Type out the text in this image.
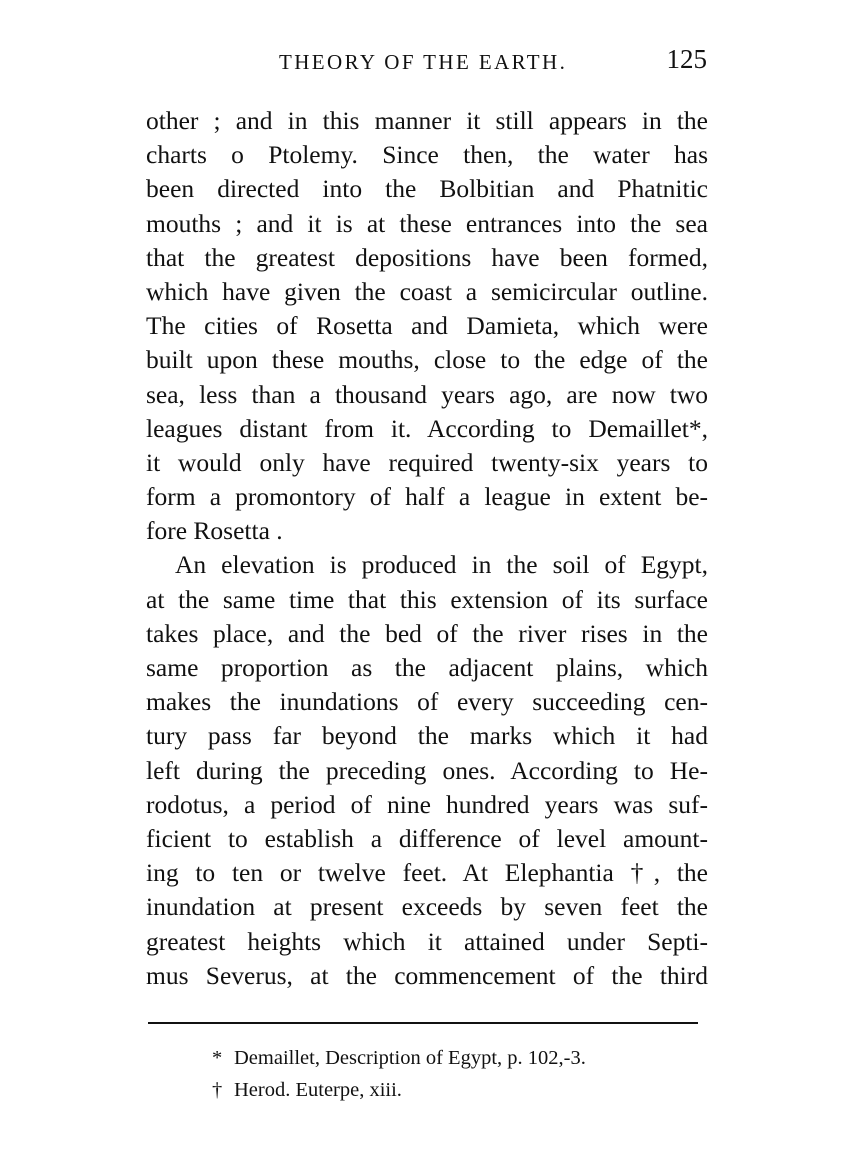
THEORY OF THE EARTH.	125
other ; and in this manner it still appears in the
charts o Ptolemy. Since then, the water has
been directed into the Bolbitian and Phatnitic
mouths ; and it is at these entrances into the sea
that the greatest depositions have been formed,
which have given the coast a semicircular outline.
The cities of Rosetta and Damieta, which were
built upon these mouths, close to the edge of the
sea, less than a thousand years ago, are now two
leagues distant from it. According to Demaillet*,
it would only have required twenty-six years to
form a promontory of half a league in extent be-
fore Rosetta .
An elevation is produced in the soil of Egypt,
at the same time that this extension of its surface
takes place, and the bed of the river rises in the
same proportion as the adjacent plains, which
makes the inundations of every succeeding cen-
tury pass far beyond the marks which it had
left during the preceding ones. According to He-
rodotus, a period of nine hundred years was suf-
ficient to establish a difference of level amount-
ing to ten or twelve feet. At Elephantia †, the
inundation at present exceeds by seven feet the
greatest heights which it attained under Septi-
mus Severus, at the commencement of the third
* Demaillet, Description of Egypt, p. 102,-3.
† Herod. Euterpe, xiii.
